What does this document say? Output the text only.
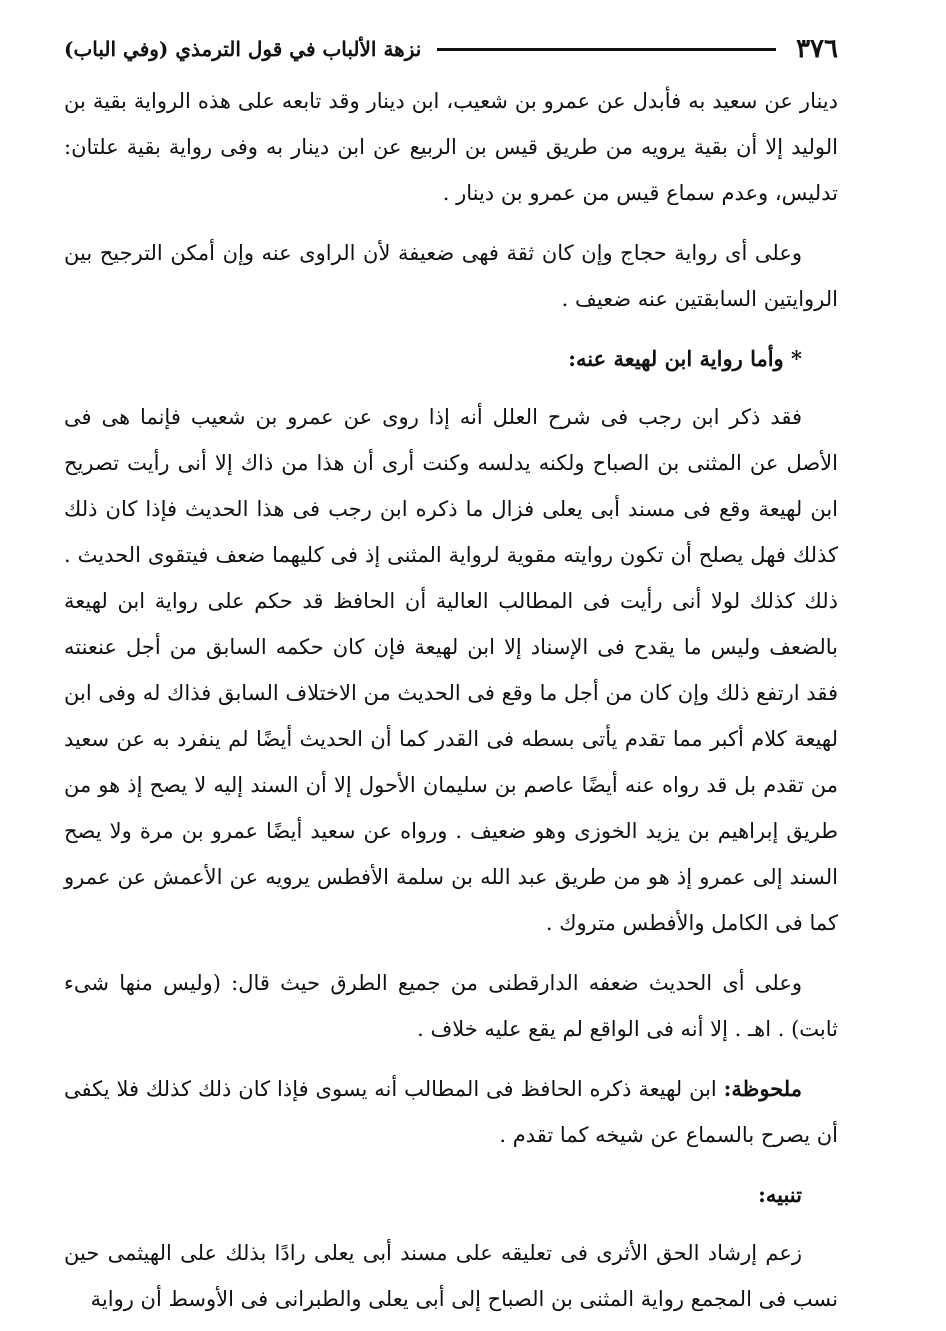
٣٧٦
نزهة الألباب في قول الترمذي (وفي الباب)

دينار عن سعيد به فأبدل عن عمرو بن شعيب، ابن دينار وقد تابعه على هذه الرواية بقية بن الوليد إلا أن بقية يرويه من طريق قيس بن الربيع عن ابن دينار به وفى رواية بقية علتان: تدليس، وعدم سماع قيس من عمرو بن دينار .

وعلى أى رواية حجاج وإن كان ثقة فهى ضعيفة لأن الراوى عنه وإن أمكن الترجيح بين الروايتين السابقتين عنه ضعيف .

* وأما رواية ابن لهيعة عنه:

فقد ذكر ابن رجب فى شرح العلل أنه إذا روى عن عمرو بن شعيب فإنما هى فى الأصل عن المثنى بن الصباح ولكنه يدلسه وكنت أرى أن هذا من ذاك إلا أنى رأيت تصريح ابن لهيعة وقع فى مسند أبى يعلى فزال ما ذكره ابن رجب فى هذا الحديث فإذا كان ذلك كذلك فهل يصلح أن تكون روايته مقوية لرواية المثنى إذ فى كليهما ضعف فيتقوى الحديث . ذلك كذلك لولا أنى رأيت فى المطالب العالية أن الحافظ قد حكم على رواية ابن لهيعة بالضعف وليس ما يقدح فى الإسناد إلا ابن لهيعة فإن كان حكمه السابق من أجل عنعنته فقد ارتفع ذلك وإن كان من أجل ما وقع فى الحديث من الاختلاف السابق فذاك له وفى ابن لهيعة كلام أكبر مما تقدم يأتى بسطه فى القدر كما أن الحديث أيضًا لم ينفرد به عن سعيد من تقدم بل قد رواه عنه أيضًا عاصم بن سليمان الأحول إلا أن السند إليه لا يصح إذ هو من طريق إبراهيم بن يزيد الخوزى وهو ضعيف . ورواه عن سعيد أيضًا عمرو بن مرة ولا يصح السند إلى عمرو إذ هو من طريق عبد الله بن سلمة الأفطس يرويه عن الأعمش عن عمرو كما فى الكامل والأفطس متروك .

وعلى أى الحديث ضعفه الدارقطنى من جميع الطرق حيث قال: (وليس منها شىء ثابت) . اهـ . إلا أنه فى الواقع لم يقع عليه خلاف .

ملحوظة: ابن لهيعة ذكره الحافظ فى المطالب أنه يسوى فإذا كان ذلك كذلك فلا يكفى أن يصرح بالسماع عن شيخه كما تقدم .

تنبيه:

زعم إرشاد الحق الأثرى فى تعليقه على مسند أبى يعلى رادًا بذلك على الهيثمى حين نسب فى المجمع رواية المثنى بن الصباح إلى أبى يعلى والطبرانى فى الأوسط أن رواية
